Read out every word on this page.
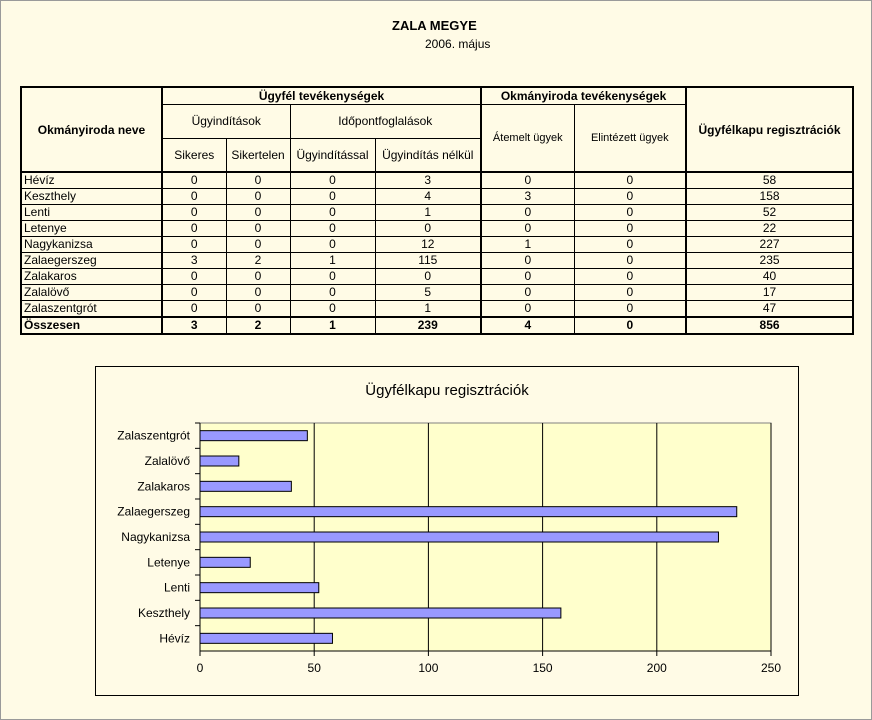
ZALA MEGYE
2006. május
Okmányiroda neve	Ügyfél tevékenységek				Okmányiroda tevékenységek		Ügyfélkapu regisztrációk
	Ügyindítások		Időpontfoglalások		Átemelt ügyek	Elintézett ügyek	
	Sikeres	Sikertelen	Ügyindítással	Ügyindítás nélkül			
Hévíz	0	0	0	3	0	0	58
Keszthely	0	0	0	4	3	0	158
Lenti	0	0	0	1	0	0	52
Letenye	0	0	0	0	0	0	22
Nagykanizsa	0	0	0	12	1	0	227
Zalaegerszeg	3	2	1	115	0	0	235
Zalakaros	0	0	0	0	0	0	40
Zalalövő	0	0	0	5	0	0	17
Zalaszentgrót	0	0	0	1	0	0	47
Összesen	3	2	1	239	4	0	856
Ügyfélkapu regisztrációk
0	50	100	150	200	250
Zalaszentgrót
Zalalövő
Zalakaros
Zalaegerszeg
Nagykanizsa
Letenye
Lenti
Keszthely
Hévíz
